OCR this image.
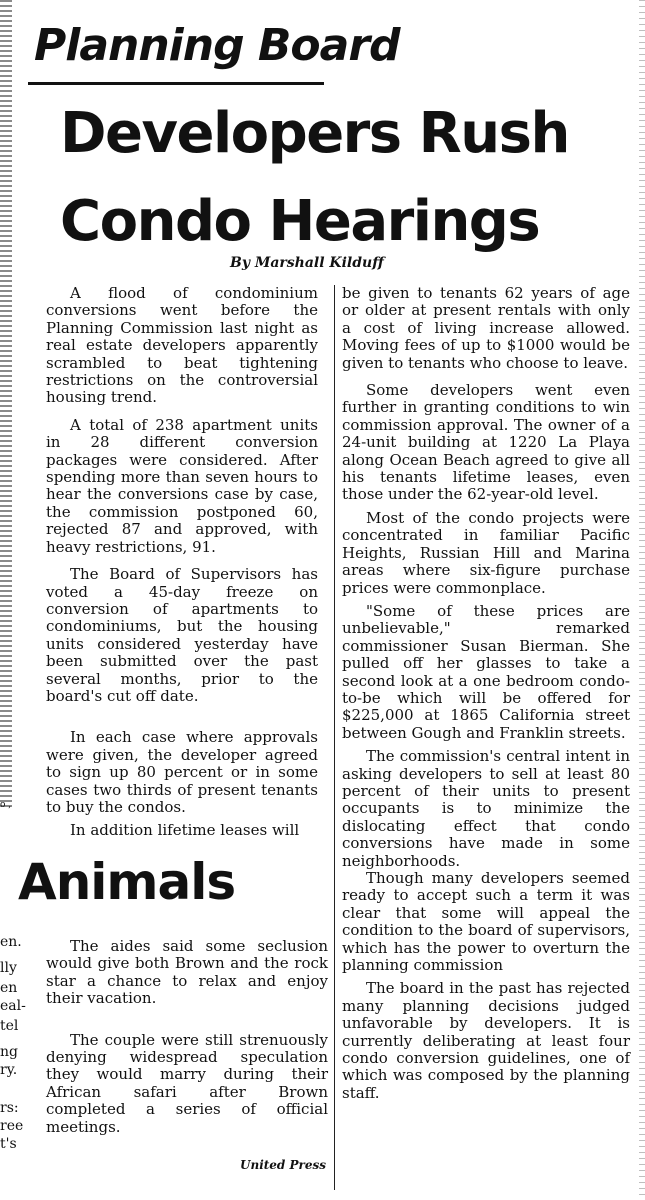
Planning Board
Developers Rush Condo Hearings

By Marshall Kilduff

A flood of condominium conversions went before the Planning Commission last night as real estate developers apparently scrambled to beat tightening restrictions on the controversial housing trend.

A total of 238 apartment units in 28 different conversion packages were considered. After spending more than seven hours to hear the conversions case by case, the commission postponed 60, rejected 87 and approved, with heavy restrictions, 91.

The Board of Supervisors has voted a 45-day freeze on conversion of apartments to condominiums, but the housing units considered yesterday have been submitted over the past several months, prior to the board's cut off date.

In each case where approvals were given, the developer agreed to sign up 80 percent or in some cases two thirds of present tenants to buy the condos.

In addition lifetime leases will

be given to tenants 62 years of age or older at present rentals with only a cost of living increase allowed. Moving fees of up to $1000 would be given to tenants who choose to leave.

Some developers went even further in granting conditions to win commission approval. The owner of a 24-unit building at 1220 La Playa along Ocean Beach agreed to give all his tenants lifetime leases, even those under the 62-year-old level.

Most of the condo projects were concentrated in familiar Pacific Heights, Russian Hill and Marina areas where six-figure purchase prices were commonplace.

"Some of these prices are unbelievable," remarked commissioner Susan Bierman. She pulled off her glasses to take a second look at a one bedroom condo-to-be which will be offered for $225,000 at 1865 California street between Gough and Franklin streets.

The commission's central intent in asking developers to sell at least 80 percent of their units to present occupants is to minimize the dislocating effect that condo conversions have made in some neighborhoods.

Though many developers seemed ready to accept such a term it was clear that some will appeal the condition to the board of supervisors, which has the power to overturn the planning commission

The board in the past has rejected many planning decisions judged unfavorable by developers. It is currently deliberating at least four condo conversion guidelines, one of which was composed by the planning staff.

Animals

The aides said some seclusion would give both Brown and the rock star a chance to relax and enjoy their vacation.

The couple were still strenuously denying widespread speculation they would marry during their African safari after Brown completed a series of official meetings.

United Press
o ,
en.
lly
en
eal-
tel
ng
ry.
rs:
ree
t's
